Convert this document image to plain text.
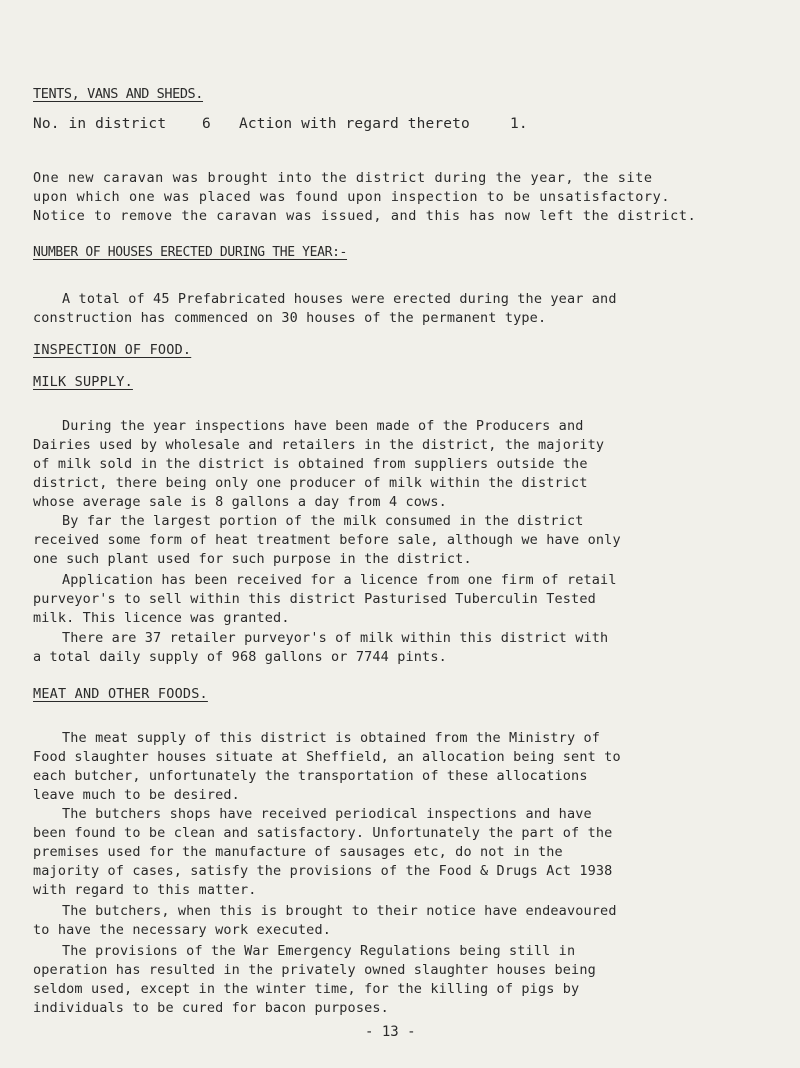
TENTS, VANS AND SHEDS.
No. in district 6 Action with regard thereto	1.
One new caravan was brought into the district during the year, the site
upon which one was placed was found upon inspection to be unsatisfactory.
Notice to remove the caravan was issued, and this has now left the district.
NUMBER OF HOUSES ERECTED DURING THE YEAR:-
A total of 45 Prefabricated houses were erected during the year and
construction has commenced on 30 houses of the permanent type.
INSPECTION OF FOOD.
MILK SUPPLY.
During the year inspections have been made of the Producers and
Dairies used by wholesale and retailers in the district, the majority
of milk sold in the district is obtained from suppliers outside the
district, there being only one producer of milk within the district
whose average sale is 8 gallons a day from 4 cows.
By far the largest portion of the milk consumed in the district
received some form of heat treatment before sale, although we have only
one such plant used for such purpose in the district.
Application has been received for a licence from one firm of retail
purveyor's to sell within this district Pasturised Tuberculin Tested
milk. This licence was granted.
There are 37 retailer purveyor's of milk within this district with
a total daily supply of 968 gallons or 7744 pints.
MEAT AND OTHER FOODS.
The meat supply of this district is obtained from the Ministry of
Food slaughter houses situate at Sheffield, an allocation being sent to
each butcher, unfortunately the transportation of these allocations
leave much to be desired.
The butchers shops have received periodical inspections and have
been found to be clean and satisfactory. Unfortunately the part of the
premises used for the manufacture of sausages etc, do not in the
majority of cases, satisfy the provisions of the Food & Drugs Act 1938
with regard to this matter.
The butchers, when this is brought to their notice have endeavoured
to have the necessary work executed.
The provisions of the War Emergency Regulations being still in
operation has resulted in the privately owned slaughter houses being
seldom used, except in the winter time, for the killing of pigs by
individuals to be cured for bacon purposes.
- 13 -
